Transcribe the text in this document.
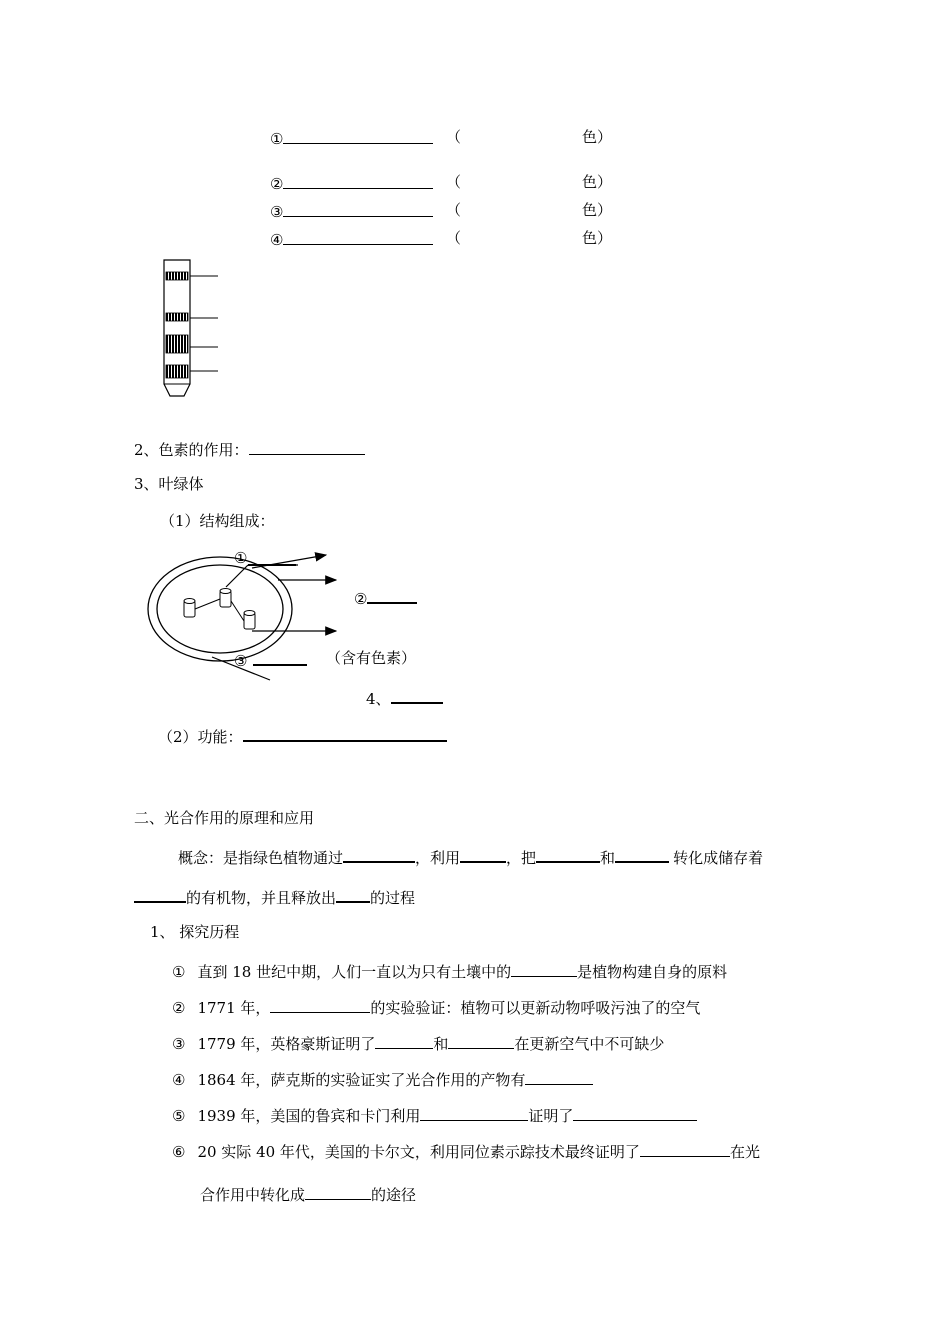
①	（	色）
②	（	色）
③	（	色）
④	（	色）
2、色素的作用：
3、叶绿体
（1）结构组成：
①
②
③	（含有色素）
4、
（2）功能：
二、光合作用的原理和应用
概念：是指绿色植物通过	，利用	，把	和	转化成储存着
的有机物，并且释放出 的过程
1、 探究历程
① 直到 18 世纪中期，人们一直以为只有土壤中的	是植物构建自身的原料
② 1771 年，	的实验验证：植物可以更新动物呼吸污浊了的空气
③ 1779 年，英格豪斯证明了	和	在更新空气中不可缺少
④ 1864 年，萨克斯的实验证实了光合作用的产物有
⑤ 1939 年，美国的鲁宾和卡门利用	证明了
⑥ 20 实际 40 年代，美国的卡尔文，利用同位素示踪技术最终证明了	在光
合作用中转化成	的途径
